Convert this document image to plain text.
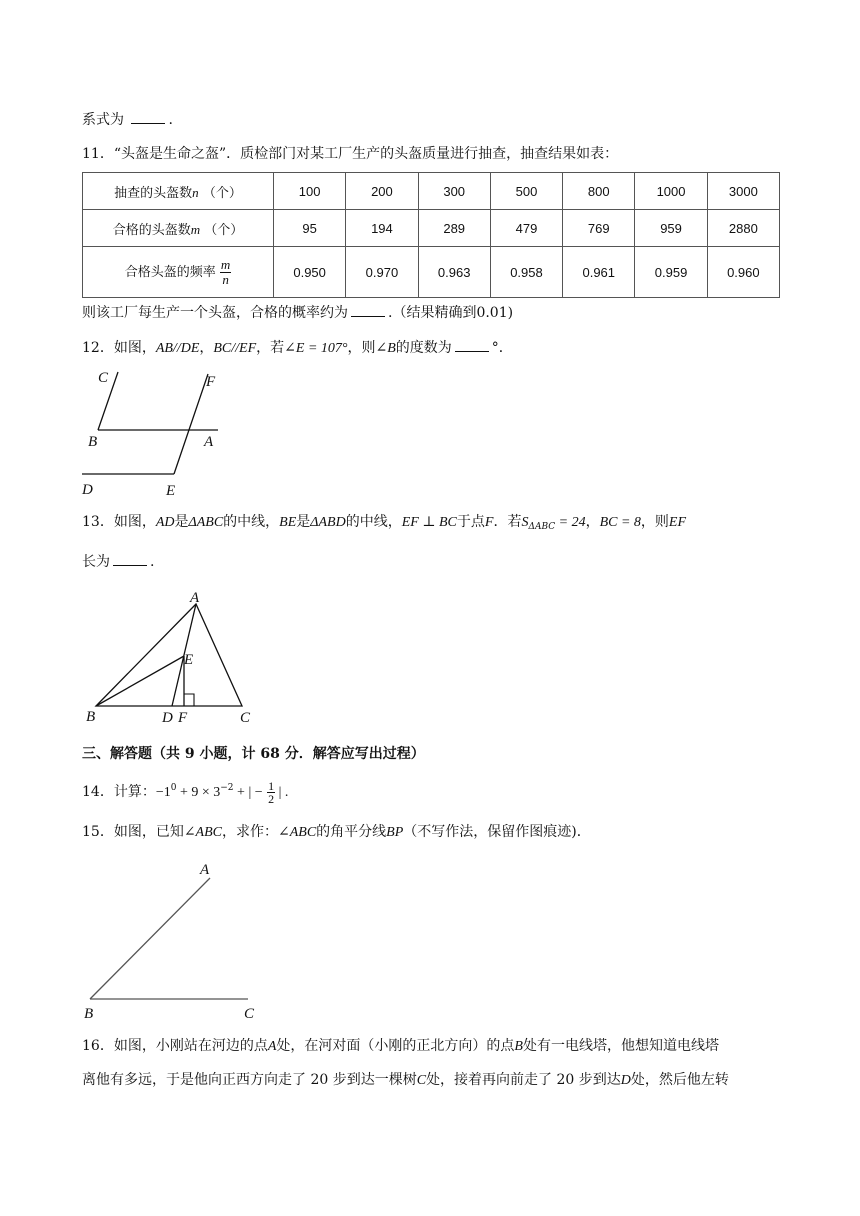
系式为	.
11．“头盔是生命之盔”．质检部门对某工厂生产的头盔质量进行抽查，抽查结果如表：
抽查的头盔数n （个）	100	200	300	500	800	1000	3000
合格的头盔数m （个）	95	194	289	479	769	959	2880
合格头盔的频率 $\frac{m}{n}$	0.950	0.970	0.963	0.958	0.961	0.959	0.960
则该工厂每生产一个头盔，合格的概率约为	.（结果精确到0.01)
12．如图，AB//DE，BC//EF，若∠E = 107°，则∠B的度数为	°．
C	F
B	A
D	E
13．如图，AD是ΔABC的中线，BE是ΔABD的中线，EF ⊥ BC于点F．若$S_{\Delta ABC} = 24$，BC = 8，则EF
长为	.
A
E
B	D F	C
三、解答题（共 9 小题，计 68 分．解答应写出过程）
14．计算：$-1^0 + 9 \times 3^{-2}$ + | − $\frac{1}{2}$ | .
15．如图，已知∠ABC，求作：∠ABC的角平分线BP（不写作法，保留作图痕迹)．
A
B	C
16．如图，小刚站在河边的点A处，在河对面（小刚的正北方向）的点B处有一电线塔，他想知道电线塔
离他有多远，于是他向正西方向走了 20 步到达一棵树C处，接着再向前走了 20 步到达D处，然后他左转
